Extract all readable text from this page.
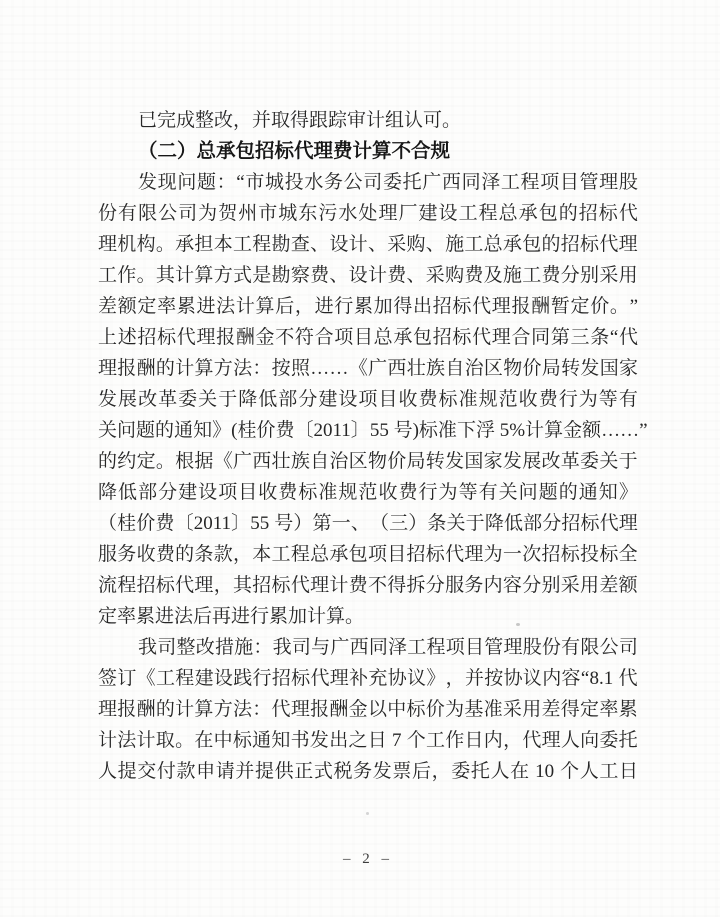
已完成整改，并取得跟踪审计组认可。
（二）总承包招标代理费计算不合规
发 现 问 题 ： “ 市 城 投 水 务 公 司 委 托 广 西 同 泽 工 程 项 目 管 理 股
份 有 限 公 司 为 贺 州 市 城 东 污 水 处 理 厂 建 设 工 程 总 承 包 的 招 标 代
理 机 构 。 承 担 本 工 程 勘 查 、 设 计 、 采 购 、 施 工 总 承 包 的 招 标 代 理
工 作 。 其 计 算 方 式 是 勘 察 费 、 设 计 费 、 采 购 费 及 施 工 费 分 别 采 用
差 额 定 率 累 进 法 计 算 后 ， 进 行 累 加 得 出 招 标 代 理 报 酬 暂 定 价 。 ”
上 述 招 标 代 理 报 酬 金 不 符 合 项 目 总 承 包 招 标 代 理 合 同 第 三 条 “ 代
理 报 酬 的 计 算 方 法 ： 按 照 … … 《 广 西 壮 族 自 治 区 物 价 局 转 发 国 家
发 展 改 革 委 关 于 降 低 部 分 建 设 项 目 收 费 标 准 规 范 收 费 行 为 等 有
关 问 题 的 通 知 》 ( 桂 价 费 〔 2011 〕 55
号 ) 标 准 下 浮
5% 计 算 金 额 … … ”
的 约 定 。 根 据 《 广 西 壮 族 自 治 区 物 价 局 转 发 国 家 发 展 改 革 委 关 于
降 低 部 分 建 设 项 目 收 费 标 准 规 范 收 费 行 为 等 有 关 问 题 的 通 知 》
（ 桂 价 费 〔 2011 〕 55
号 ） 第 一 、 （ 三 ） 条 关 于 降 低 部 分 招 标 代 理
服 务 收 费 的 条 款 ， 本 工 程 总 承 包 项 目 招 标 代 理 为 一 次 招 标 投 标 全
流 程 招 标 代 理 ， 其 招 标 代 理 计 费 不 得 拆 分 服 务 内 容 分 别 采 用 差 额
定率累进法后再进行累加计算。
我 司 整 改 措 施 ： 我 司 与 广 西 同 泽 工 程 项 目 管 理 股 份 有 限 公 司
签 订 《 工 程 建 设 践 行 招 标 代 理 补 充 协 议 》 ， 并 按 协 议 内 容 “ 8.1
代
理 报 酬 的 计 算 方 法 ： 代 理 报 酬 金 以 中 标 价 为 基 准 采 用 差 得 定 率 累
计 法 计 取 。 在 中 标 通 知 书 发 出 之 日
7
个 工 作 日 内 ， 代 理 人 向 委 托
人 提 交 付 款 申 请 并 提 供 正 式 税 务 发 票 后 ， 委 托 人 在
10
个 人 工 日
– 2 –
